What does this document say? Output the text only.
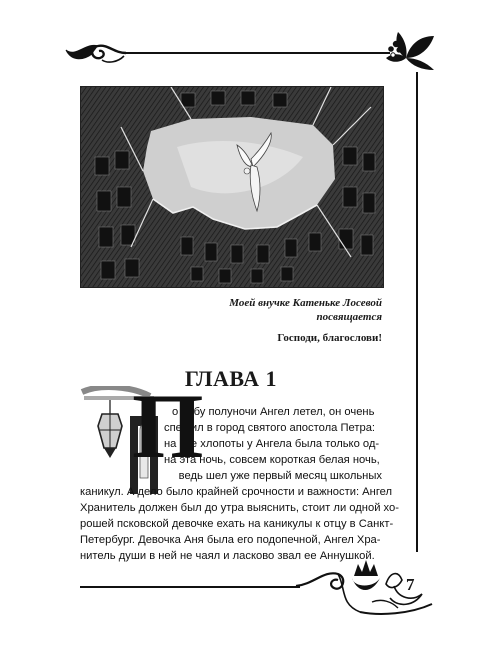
Моей внучке Катеньке Лосевой

посвящается

Господи, благослови!

ГЛАВА 1

о небу полуночи Ангел летел, он очень

спешил в город святого апостола Петра:

на все хлопоты у Ангела была только од-

на эта ночь, совсем короткая белая ночь,

ведь шел уже первый месяц школьных

каникул. А дело было крайней срочности и важности: Ангел

Хранитель должен был до утра выяснить, стоит ли одной хо-

рошей псковской девочке ехать на каникулы к отцу в Санкт-

Петербург. Девочка Аня была его подопечной, Ангел Хра-

нитель души в ней не чаял и ласково звал ее Аннушкой.

7

П
